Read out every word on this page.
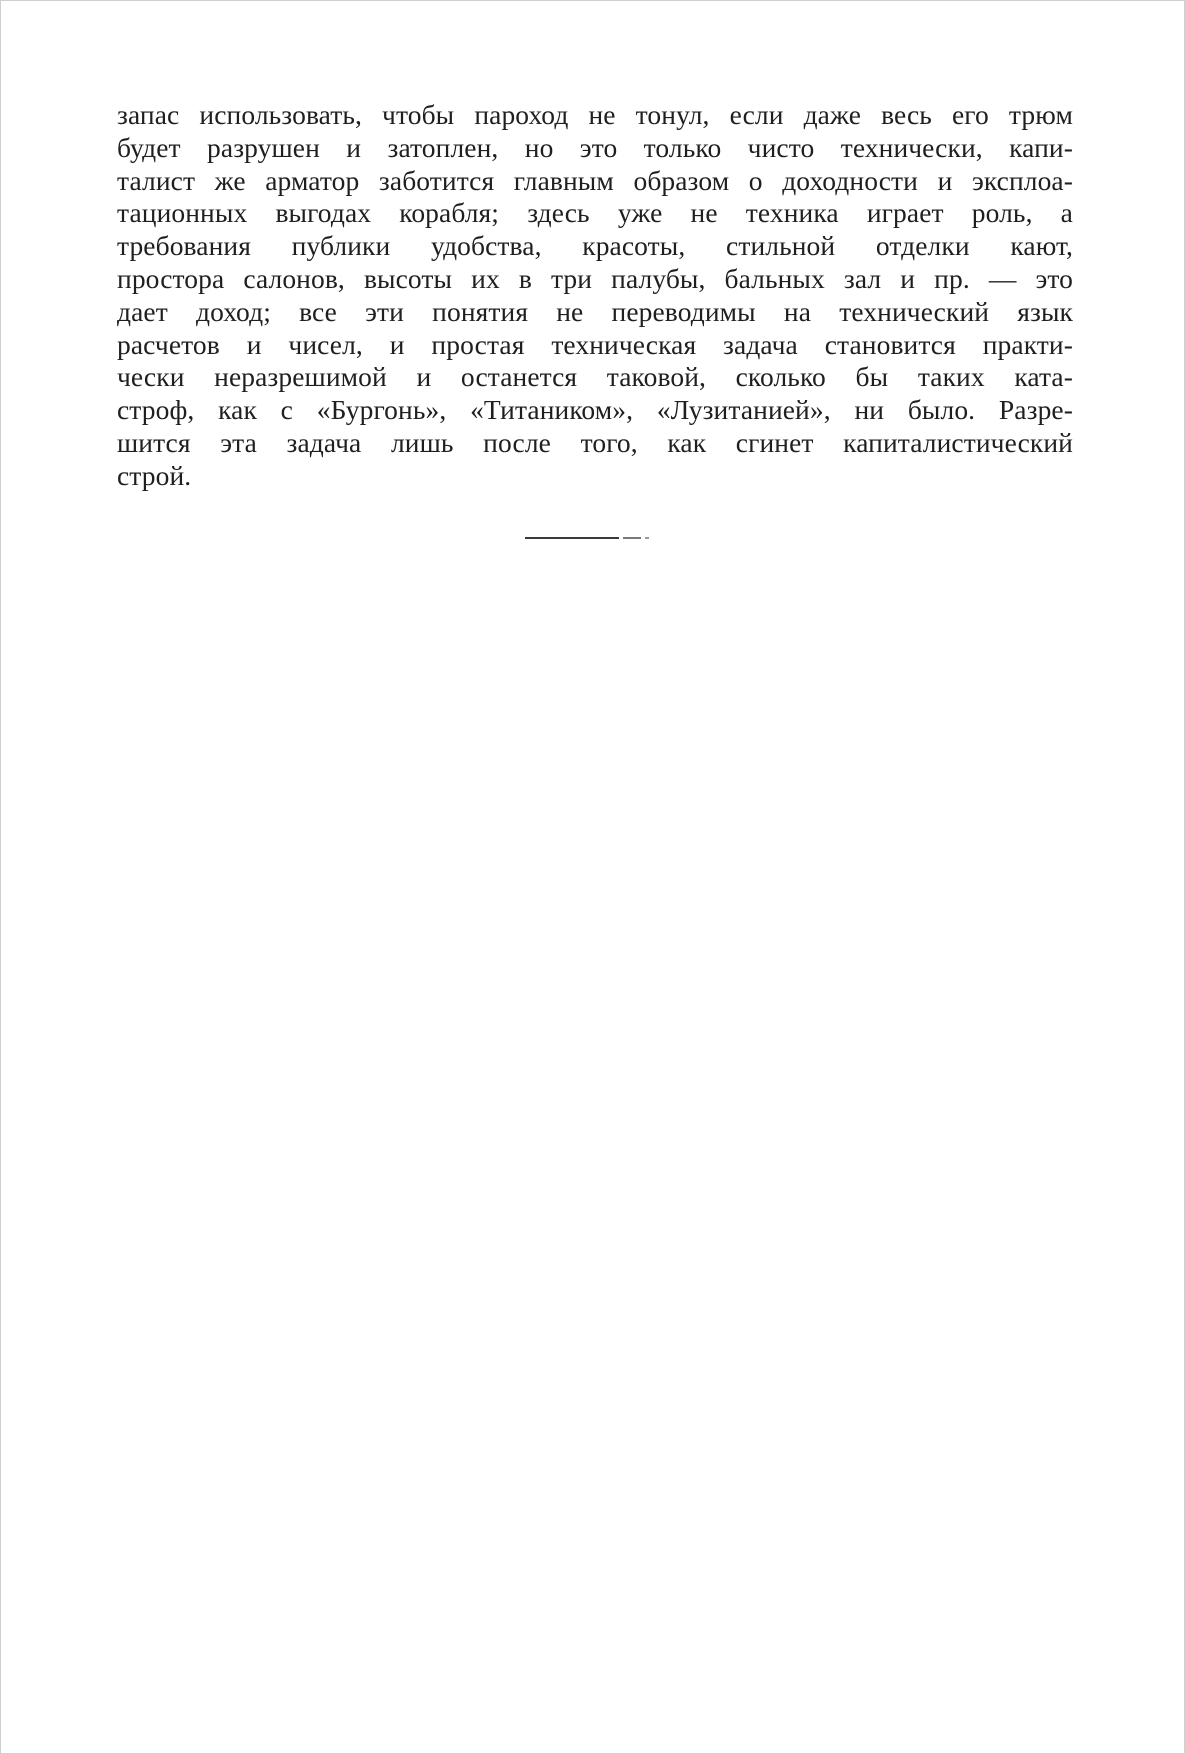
запас использовать, чтобы пароход не тонул, если даже весь его трюм
будет разрушен и затоплен, но это только чисто технически, капи-
талист же арматор заботится главным образом о доходности и эксплоа-
тационных выгодах корабля; здесь уже не техника играет роль, а
требования публики удобства, красоты, стильной отделки кают,
простора салонов, высоты их в три палубы, бальных зал и пр. — это
дает доход; все эти понятия не переводимы на технический язык
расчетов и чисел, и простая техническая задача становится практи-
чески неразрешимой и останется таковой, сколько бы таких ката-
строф, как с «Бургонь», «Титаником», «Лузитанией», ни было. Разре-
шится эта задача лишь после того, как сгинет капиталистический
строй.
